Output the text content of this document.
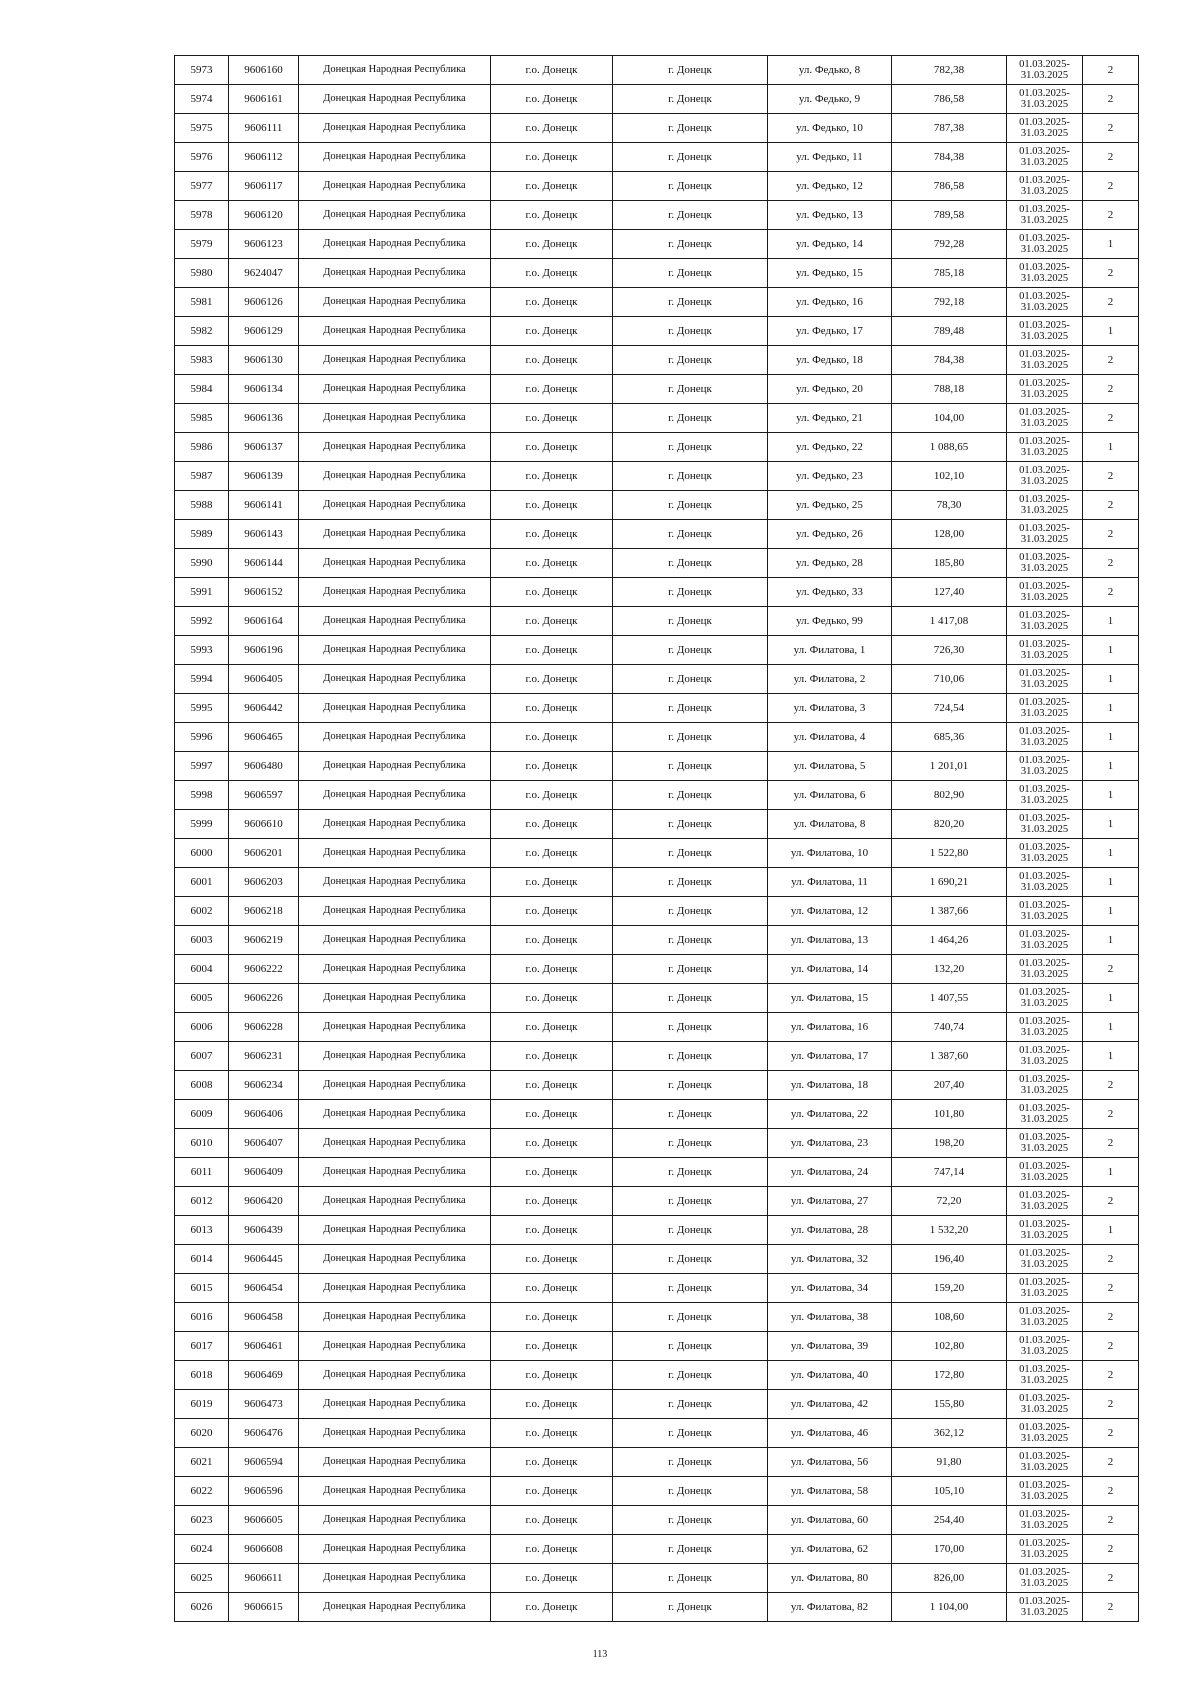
5973	9606160	Донецкая Народная Республика	г.о. Донецк	г. Донецк	ул. Федько, 8	782,38	01.03.2025-31.03.2025	2
5974	9606161	Донецкая Народная Республика	г.о. Донецк	г. Донецк	ул. Федько, 9	786,58	01.03.2025-31.03.2025	2
5975	9606111	Донецкая Народная Республика	г.о. Донецк	г. Донецк	ул. Федько, 10	787,38	01.03.2025-31.03.2025	2
5976	9606112	Донецкая Народная Республика	г.о. Донецк	г. Донецк	ул. Федько, 11	784,38	01.03.2025-31.03.2025	2
5977	9606117	Донецкая Народная Республика	г.о. Донецк	г. Донецк	ул. Федько, 12	786,58	01.03.2025-31.03.2025	2
5978	9606120	Донецкая Народная Республика	г.о. Донецк	г. Донецк	ул. Федько, 13	789,58	01.03.2025-31.03.2025	2
5979	9606123	Донецкая Народная Республика	г.о. Донецк	г. Донецк	ул. Федько, 14	792,28	01.03.2025-31.03.2025	1
5980	9624047	Донецкая Народная Республика	г.о. Донецк	г. Донецк	ул. Федько, 15	785,18	01.03.2025-31.03.2025	2
5981	9606126	Донецкая Народная Республика	г.о. Донецк	г. Донецк	ул. Федько, 16	792,18	01.03.2025-31.03.2025	2
5982	9606129	Донецкая Народная Республика	г.о. Донецк	г. Донецк	ул. Федько, 17	789,48	01.03.2025-31.03.2025	1
5983	9606130	Донецкая Народная Республика	г.о. Донецк	г. Донецк	ул. Федько, 18	784,38	01.03.2025-31.03.2025	2
5984	9606134	Донецкая Народная Республика	г.о. Донецк	г. Донецк	ул. Федько, 20	788,18	01.03.2025-31.03.2025	2
5985	9606136	Донецкая Народная Республика	г.о. Донецк	г. Донецк	ул. Федько, 21	104,00	01.03.2025-31.03.2025	2
5986	9606137	Донецкая Народная Республика	г.о. Донецк	г. Донецк	ул. Федько, 22	1 088,65	01.03.2025-31.03.2025	1
5987	9606139	Донецкая Народная Республика	г.о. Донецк	г. Донецк	ул. Федько, 23	102,10	01.03.2025-31.03.2025	2
5988	9606141	Донецкая Народная Республика	г.о. Донецк	г. Донецк	ул. Федько, 25	78,30	01.03.2025-31.03.2025	2
5989	9606143	Донецкая Народная Республика	г.о. Донецк	г. Донецк	ул. Федько, 26	128,00	01.03.2025-31.03.2025	2
5990	9606144	Донецкая Народная Республика	г.о. Донецк	г. Донецк	ул. Федько, 28	185,80	01.03.2025-31.03.2025	2
5991	9606152	Донецкая Народная Республика	г.о. Донецк	г. Донецк	ул. Федько, 33	127,40	01.03.2025-31.03.2025	2
5992	9606164	Донецкая Народная Республика	г.о. Донецк	г. Донецк	ул. Федько, 99	1 417,08	01.03.2025-31.03.2025	1
5993	9606196	Донецкая Народная Республика	г.о. Донецк	г. Донецк	ул. Филатова, 1	726,30	01.03.2025-31.03.2025	1
5994	9606405	Донецкая Народная Республика	г.о. Донецк	г. Донецк	ул. Филатова, 2	710,06	01.03.2025-31.03.2025	1
5995	9606442	Донецкая Народная Республика	г.о. Донецк	г. Донецк	ул. Филатова, 3	724,54	01.03.2025-31.03.2025	1
5996	9606465	Донецкая Народная Республика	г.о. Донецк	г. Донецк	ул. Филатова, 4	685,36	01.03.2025-31.03.2025	1
5997	9606480	Донецкая Народная Республика	г.о. Донецк	г. Донецк	ул. Филатова, 5	1 201,01	01.03.2025-31.03.2025	1
5998	9606597	Донецкая Народная Республика	г.о. Донецк	г. Донецк	ул. Филатова, 6	802,90	01.03.2025-31.03.2025	1
5999	9606610	Донецкая Народная Республика	г.о. Донецк	г. Донецк	ул. Филатова, 8	820,20	01.03.2025-31.03.2025	1
6000	9606201	Донецкая Народная Республика	г.о. Донецк	г. Донецк	ул. Филатова, 10	1 522,80	01.03.2025-31.03.2025	1
6001	9606203	Донецкая Народная Республика	г.о. Донецк	г. Донецк	ул. Филатова, 11	1 690,21	01.03.2025-31.03.2025	1
6002	9606218	Донецкая Народная Республика	г.о. Донецк	г. Донецк	ул. Филатова, 12	1 387,66	01.03.2025-31.03.2025	1
6003	9606219	Донецкая Народная Республика	г.о. Донецк	г. Донецк	ул. Филатова, 13	1 464,26	01.03.2025-31.03.2025	1
6004	9606222	Донецкая Народная Республика	г.о. Донецк	г. Донецк	ул. Филатова, 14	132,20	01.03.2025-31.03.2025	2
6005	9606226	Донецкая Народная Республика	г.о. Донецк	г. Донецк	ул. Филатова, 15	1 407,55	01.03.2025-31.03.2025	1
6006	9606228	Донецкая Народная Республика	г.о. Донецк	г. Донецк	ул. Филатова, 16	740,74	01.03.2025-31.03.2025	1
6007	9606231	Донецкая Народная Республика	г.о. Донецк	г. Донецк	ул. Филатова, 17	1 387,60	01.03.2025-31.03.2025	1
6008	9606234	Донецкая Народная Республика	г.о. Донецк	г. Донецк	ул. Филатова, 18	207,40	01.03.2025-31.03.2025	2
6009	9606406	Донецкая Народная Республика	г.о. Донецк	г. Донецк	ул. Филатова, 22	101,80	01.03.2025-31.03.2025	2
6010	9606407	Донецкая Народная Республика	г.о. Донецк	г. Донецк	ул. Филатова, 23	198,20	01.03.2025-31.03.2025	2
6011	9606409	Донецкая Народная Республика	г.о. Донецк	г. Донецк	ул. Филатова, 24	747,14	01.03.2025-31.03.2025	1
6012	9606420	Донецкая Народная Республика	г.о. Донецк	г. Донецк	ул. Филатова, 27	72,20	01.03.2025-31.03.2025	2
6013	9606439	Донецкая Народная Республика	г.о. Донецк	г. Донецк	ул. Филатова, 28	1 532,20	01.03.2025-31.03.2025	1
6014	9606445	Донецкая Народная Республика	г.о. Донецк	г. Донецк	ул. Филатова, 32	196,40	01.03.2025-31.03.2025	2
6015	9606454	Донецкая Народная Республика	г.о. Донецк	г. Донецк	ул. Филатова, 34	159,20	01.03.2025-31.03.2025	2
6016	9606458	Донецкая Народная Республика	г.о. Донецк	г. Донецк	ул. Филатова, 38	108,60	01.03.2025-31.03.2025	2
6017	9606461	Донецкая Народная Республика	г.о. Донецк	г. Донецк	ул. Филатова, 39	102,80	01.03.2025-31.03.2025	2
6018	9606469	Донецкая Народная Республика	г.о. Донецк	г. Донецк	ул. Филатова, 40	172,80	01.03.2025-31.03.2025	2
6019	9606473	Донецкая Народная Республика	г.о. Донецк	г. Донецк	ул. Филатова, 42	155,80	01.03.2025-31.03.2025	2
6020	9606476	Донецкая Народная Республика	г.о. Донецк	г. Донецк	ул. Филатова, 46	362,12	01.03.2025-31.03.2025	2
6021	9606594	Донецкая Народная Республика	г.о. Донецк	г. Донецк	ул. Филатова, 56	91,80	01.03.2025-31.03.2025	2
6022	9606596	Донецкая Народная Республика	г.о. Донецк	г. Донецк	ул. Филатова, 58	105,10	01.03.2025-31.03.2025	2
6023	9606605	Донецкая Народная Республика	г.о. Донецк	г. Донецк	ул. Филатова, 60	254,40	01.03.2025-31.03.2025	2
6024	9606608	Донецкая Народная Республика	г.о. Донецк	г. Донецк	ул. Филатова, 62	170,00	01.03.2025-31.03.2025	2
6025	9606611	Донецкая Народная Республика	г.о. Донецк	г. Донецк	ул. Филатова, 80	826,00	01.03.2025-31.03.2025	2
6026	9606615	Донецкая Народная Республика	г.о. Донецк	г. Донецк	ул. Филатова, 82	1 104,00	01.03.2025-31.03.2025	2
113
